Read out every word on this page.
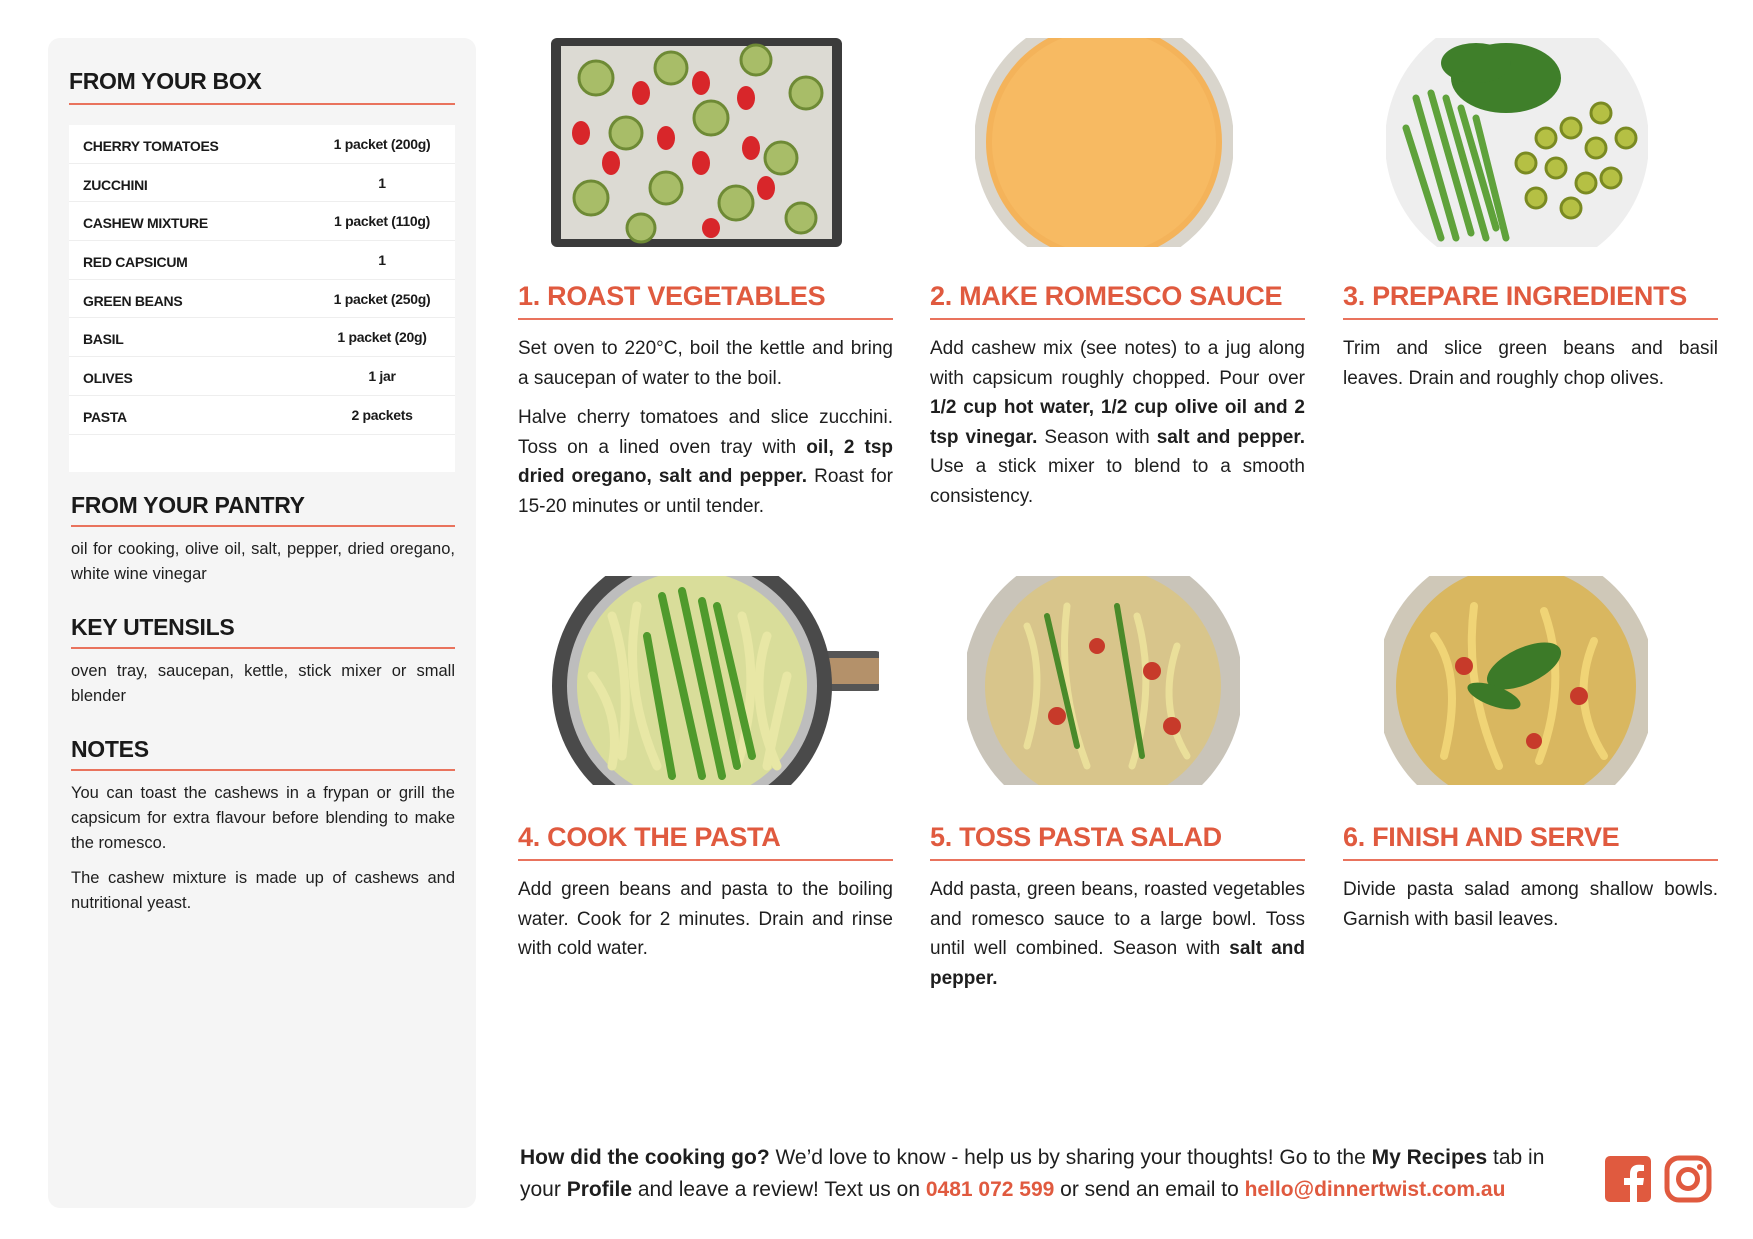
FROM YOUR BOX
CHERRY TOMATOES	1 packet (200g)
ZUCCHINI	1
CASHEW MIXTURE	1 packet (110g)
RED CAPSICUM	1
GREEN BEANS	1 packet (250g)
BASIL	1 packet (20g)
OLIVES	1 jar
PASTA	2 packets
FROM YOUR PANTRY
oil for cooking, olive oil, salt, pepper, dried oregano, white wine vinegar
KEY UTENSILS
oven tray, saucepan, kettle, stick mixer or small blender
NOTES

You can toast the cashews in a frypan or grill the capsicum for extra flavour before blending to make the romesco.

The cashew mixture is made up of cashews and nutritional yeast.

1. ROAST VEGETABLES

Set oven to 220°C, boil the kettle and bring a saucepan of water to the boil.

Halve cherry tomatoes and slice zucchini. Toss on a lined oven tray with oil, 2 tsp dried oregano, salt and pepper. Roast for 15-20 minutes or until tender.

2. MAKE ROMESCO SAUCE

Add cashew mix (see notes) to a jug along with capsicum roughly chopped. Pour over 1/2 cup hot water, 1/2 cup olive oil and 2 tsp vinegar. Season with salt and pepper. Use a stick mixer to blend to a smooth consistency.

3. PREPARE INGREDIENTS
Trim and slice green beans and basil leaves. Drain and roughly chop olives.
4. COOK THE PASTA
Add green beans and pasta to the boiling water. Cook for 2 minutes. Drain and rinse with cold water.
5. TOSS PASTA SALAD

Add pasta, green beans, roasted vegetables and romesco sauce to a large bowl. Toss until well combined. Season with salt and pepper.

6. FINISH AND SERVE
Divide pasta salad among shallow bowls. Garnish with basil leaves.
How did the cooking go? We’d love to know - help us by sharing your thoughts! Go to the My Recipes tab in your Profile and leave a review! Text us on 0481 072 599 or send an email to hello@dinnertwist.com.au
